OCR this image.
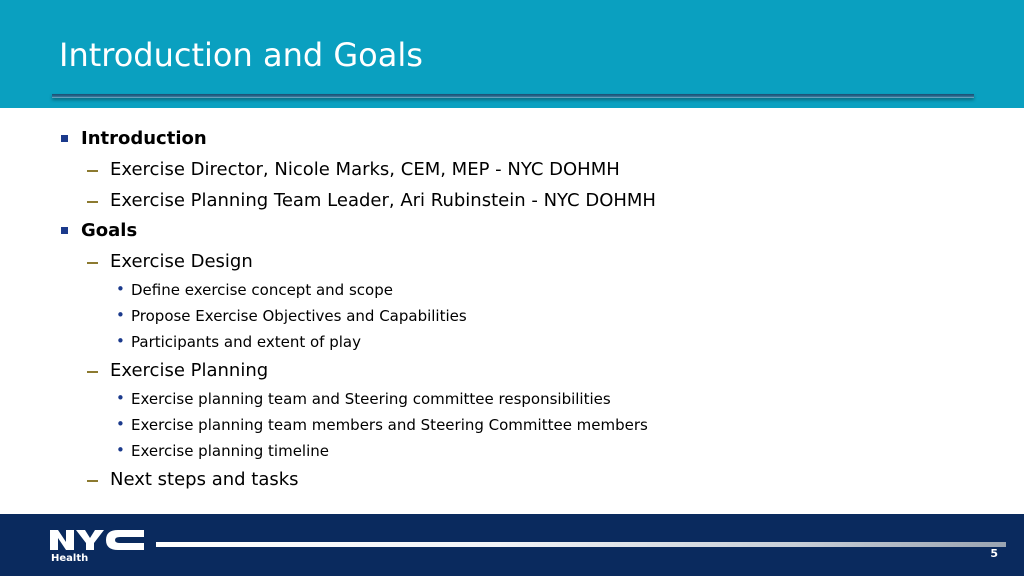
Introduction and Goals
Introduction
Exercise Director, Nicole Marks, CEM, MEP - NYC DOHMH
Exercise Planning Team Leader, Ari Rubinstein - NYC DOHMH
Goals
Exercise Design
• Define exercise concept and scope
• Propose Exercise Objectives and Capabilities
• Participants and extent of play
Exercise Planning
• Exercise planning team and Steering committee responsibilities
• Exercise planning team members and Steering Committee members
• Exercise planning timeline
Next steps and tasks
Health	5
